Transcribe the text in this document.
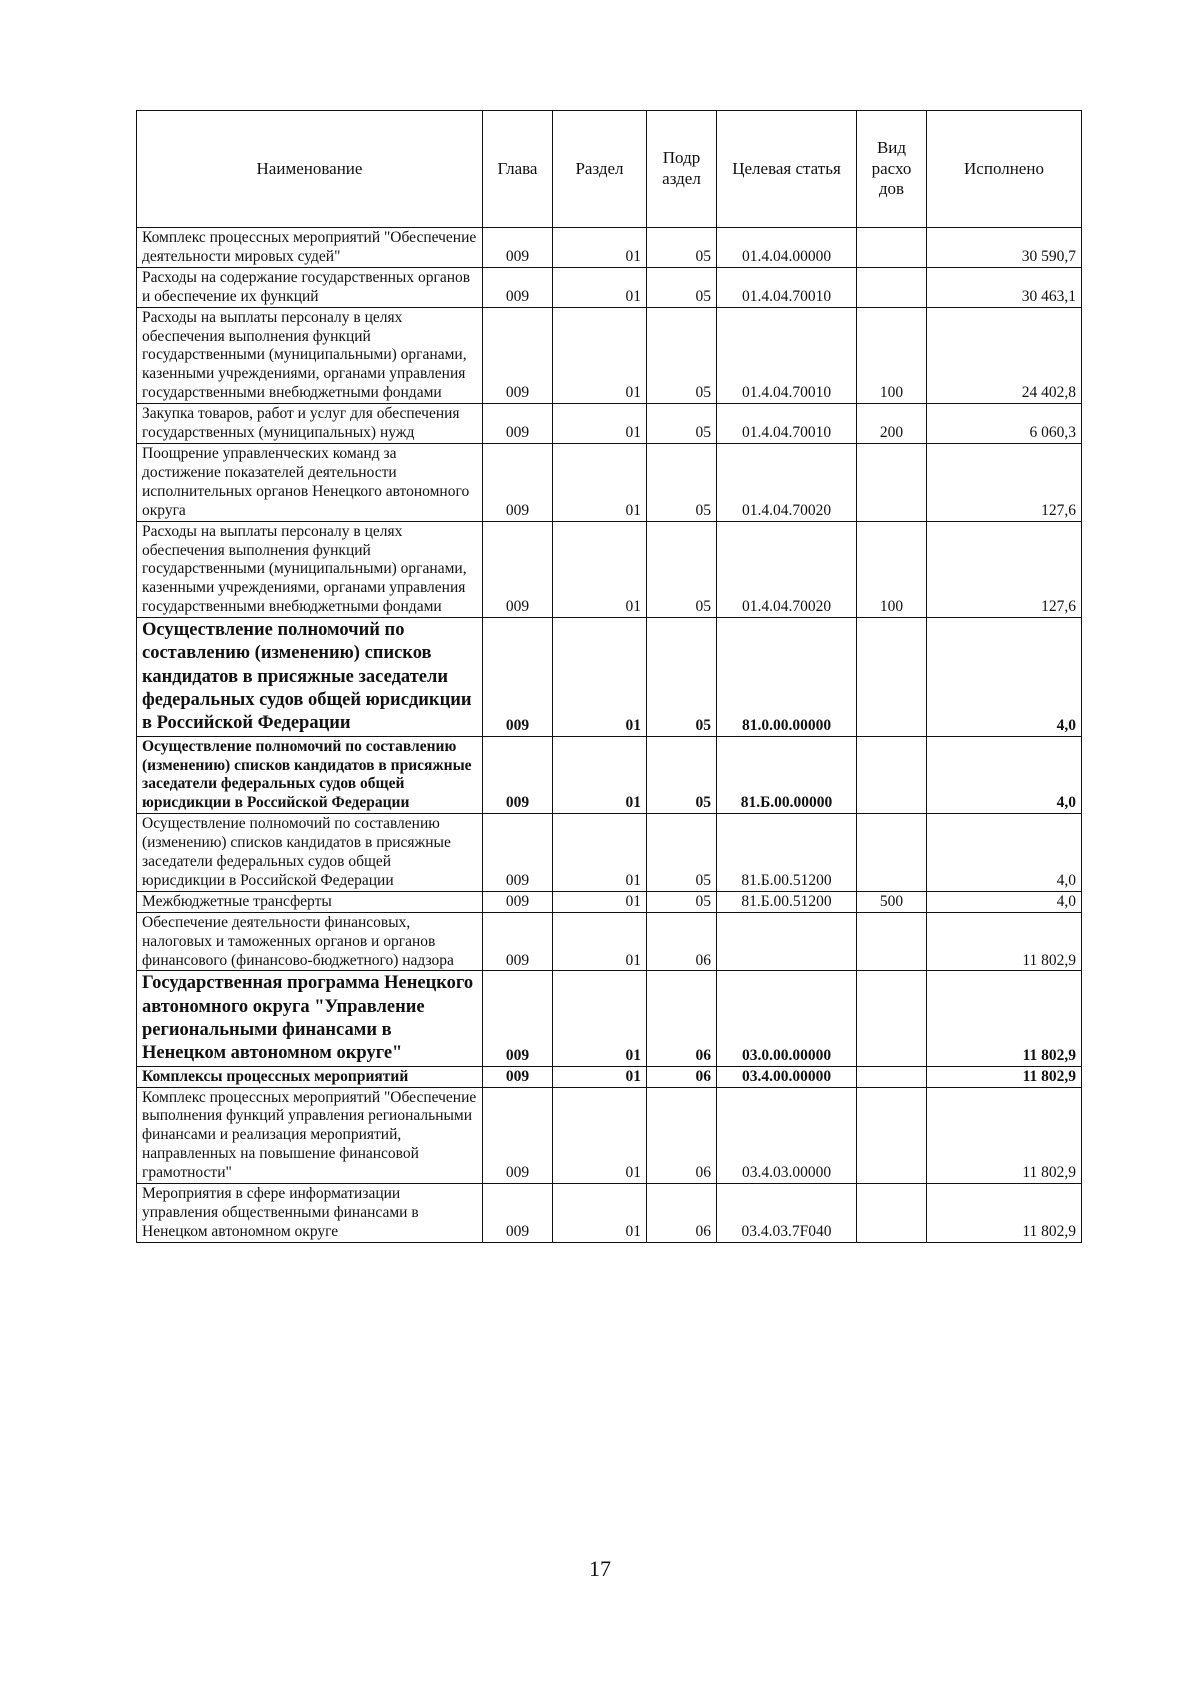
Наименование	Глава	Раздел	Подр аздел	Целевая статья	Вид расхо дов	Исполнено
Комплекс процессных мероприятий "Обеспечение деятельности мировых судей"	009	01	05	01.4.04.00000		30 590,7
Расходы на содержание государственных органов и обеспечение их функций	009	01	05	01.4.04.70010		30 463,1
Расходы на выплаты персоналу в целях обеспечения выполнения функций государственными (муниципальными) органами, казенными учреждениями, органами управления государственными внебюджетными фондами	009	01	05	01.4.04.70010	100	24 402,8
Закупка товаров, работ и услуг для обеспечения государственных (муниципальных) нужд	009	01	05	01.4.04.70010	200	6 060,3
Поощрение управленческих команд за достижение показателей деятельности исполнительных органов Ненецкого автономного округа	009	01	05	01.4.04.70020		127,6
Расходы на выплаты персоналу в целях обеспечения выполнения функций государственными (муниципальными) органами, казенными учреждениями, органами управления государственными внебюджетными фондами	009	01	05	01.4.04.70020	100	127,6
Осуществление полномочий по составлению (изменению) списков кандидатов в присяжные заседатели федеральных судов общей юрисдикции в Российской Федерации	009	01	05	81.0.00.00000		4,0
Осуществление полномочий по составлению (изменению) списков кандидатов в присяжные заседатели федеральных судов общей юрисдикции в Российской Федерации	009	01	05	81.Б.00.00000		4,0
Осуществление полномочий по составлению (изменению) списков кандидатов в присяжные заседатели федеральных судов общей юрисдикции в Российской Федерации	009	01	05	81.Б.00.51200		4,0
Межбюджетные трансферты	009	01	05	81.Б.00.51200	500	4,0
Обеспечение деятельности финансовых, налоговых и таможенных органов и органов финансового (финансово-бюджетного) надзора	009	01	06			11 802,9
Государственная программа Ненецкого автономного округа "Управление региональными финансами в Ненецком автономном округе"	009	01	06	03.0.00.00000		11 802,9
Комплексы процессных мероприятий	009	01	06	03.4.00.00000		11 802,9
Комплекс процессных мероприятий "Обеспечение выполнения функций управления региональными финансами и реализация мероприятий, направленных на повышение финансовой грамотности"	009	01	06	03.4.03.00000		11 802,9
Мероприятия в сфере информатизации управления общественными финансами в Ненецком автономном округе	009	01	06	03.4.03.7F040		11 802,9
17
